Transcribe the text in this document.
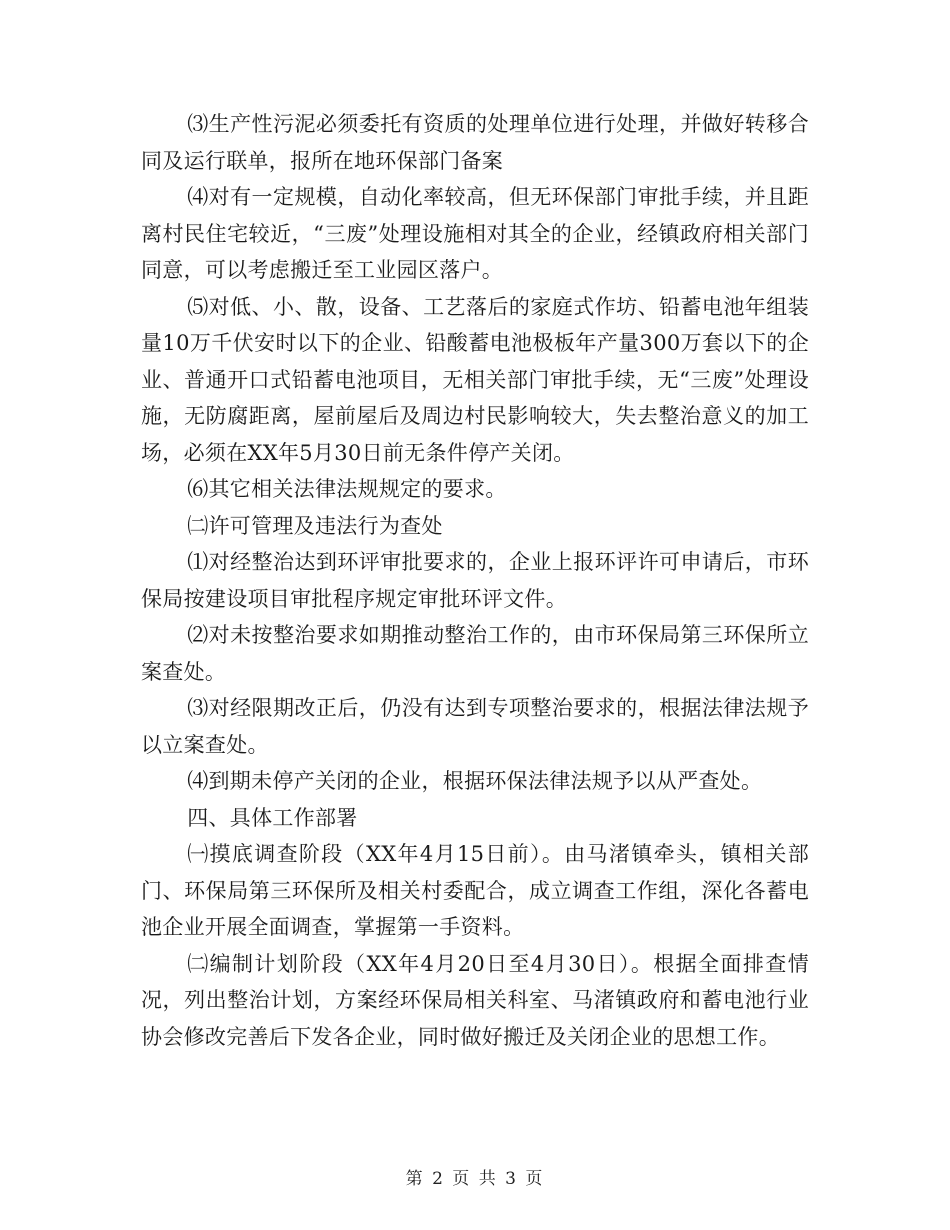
⑶生产性污泥必须委托有资质的处理单位进行处理，并做好转移合同及运行联单，报所在地环保部门备案

⑷对有一定规模，自动化率较高，但无环保部门审批手续，并且距离村民住宅较近，“三废”处理设施相对其全的企业，经镇政府相关部门同意，可以考虑搬迁至工业园区落户。

⑸对低、小、散，设备、工艺落后的家庭式作坊、铅蓄电池年组装量10万千伏安时以下的企业、铅酸蓄电池极板年产量300万套以下的企业、普通开口式铅蓄电池项目，无相关部门审批手续，无“三废”处理设施，无防腐距离，屋前屋后及周边村民影响较大，失去整治意义的加工场，必须在XX年5月30日前无条件停产关闭。

⑹其它相关法律法规规定的要求。

㈡许可管理及违法行为查处

⑴对经整治达到环评审批要求的，企业上报环评许可申请后，市环保局按建设项目审批程序规定审批环评文件。

⑵对未按整治要求如期推动整治工作的，由市环保局第三环保所立案查处。

⑶对经限期改正后，仍没有达到专项整治要求的，根据法律法规予以立案查处。

⑷到期未停产关闭的企业，根据环保法律法规予以从严查处。

四、具体工作部署

㈠摸底调查阶段（XX年4月15日前）。由马渚镇牵头，镇相关部门、环保局第三环保所及相关村委配合，成立调查工作组，深化各蓄电池企业开展全面调查，掌握第一手资料。

㈡编制计划阶段（XX年4月20日至4月30日）。根据全面排查情况，列出整治计划，方案经环保局相关科室、马渚镇政府和蓄电池行业协会修改完善后下发各企业，同时做好搬迁及关闭企业的思想工作。

第 2 页 共 3 页
